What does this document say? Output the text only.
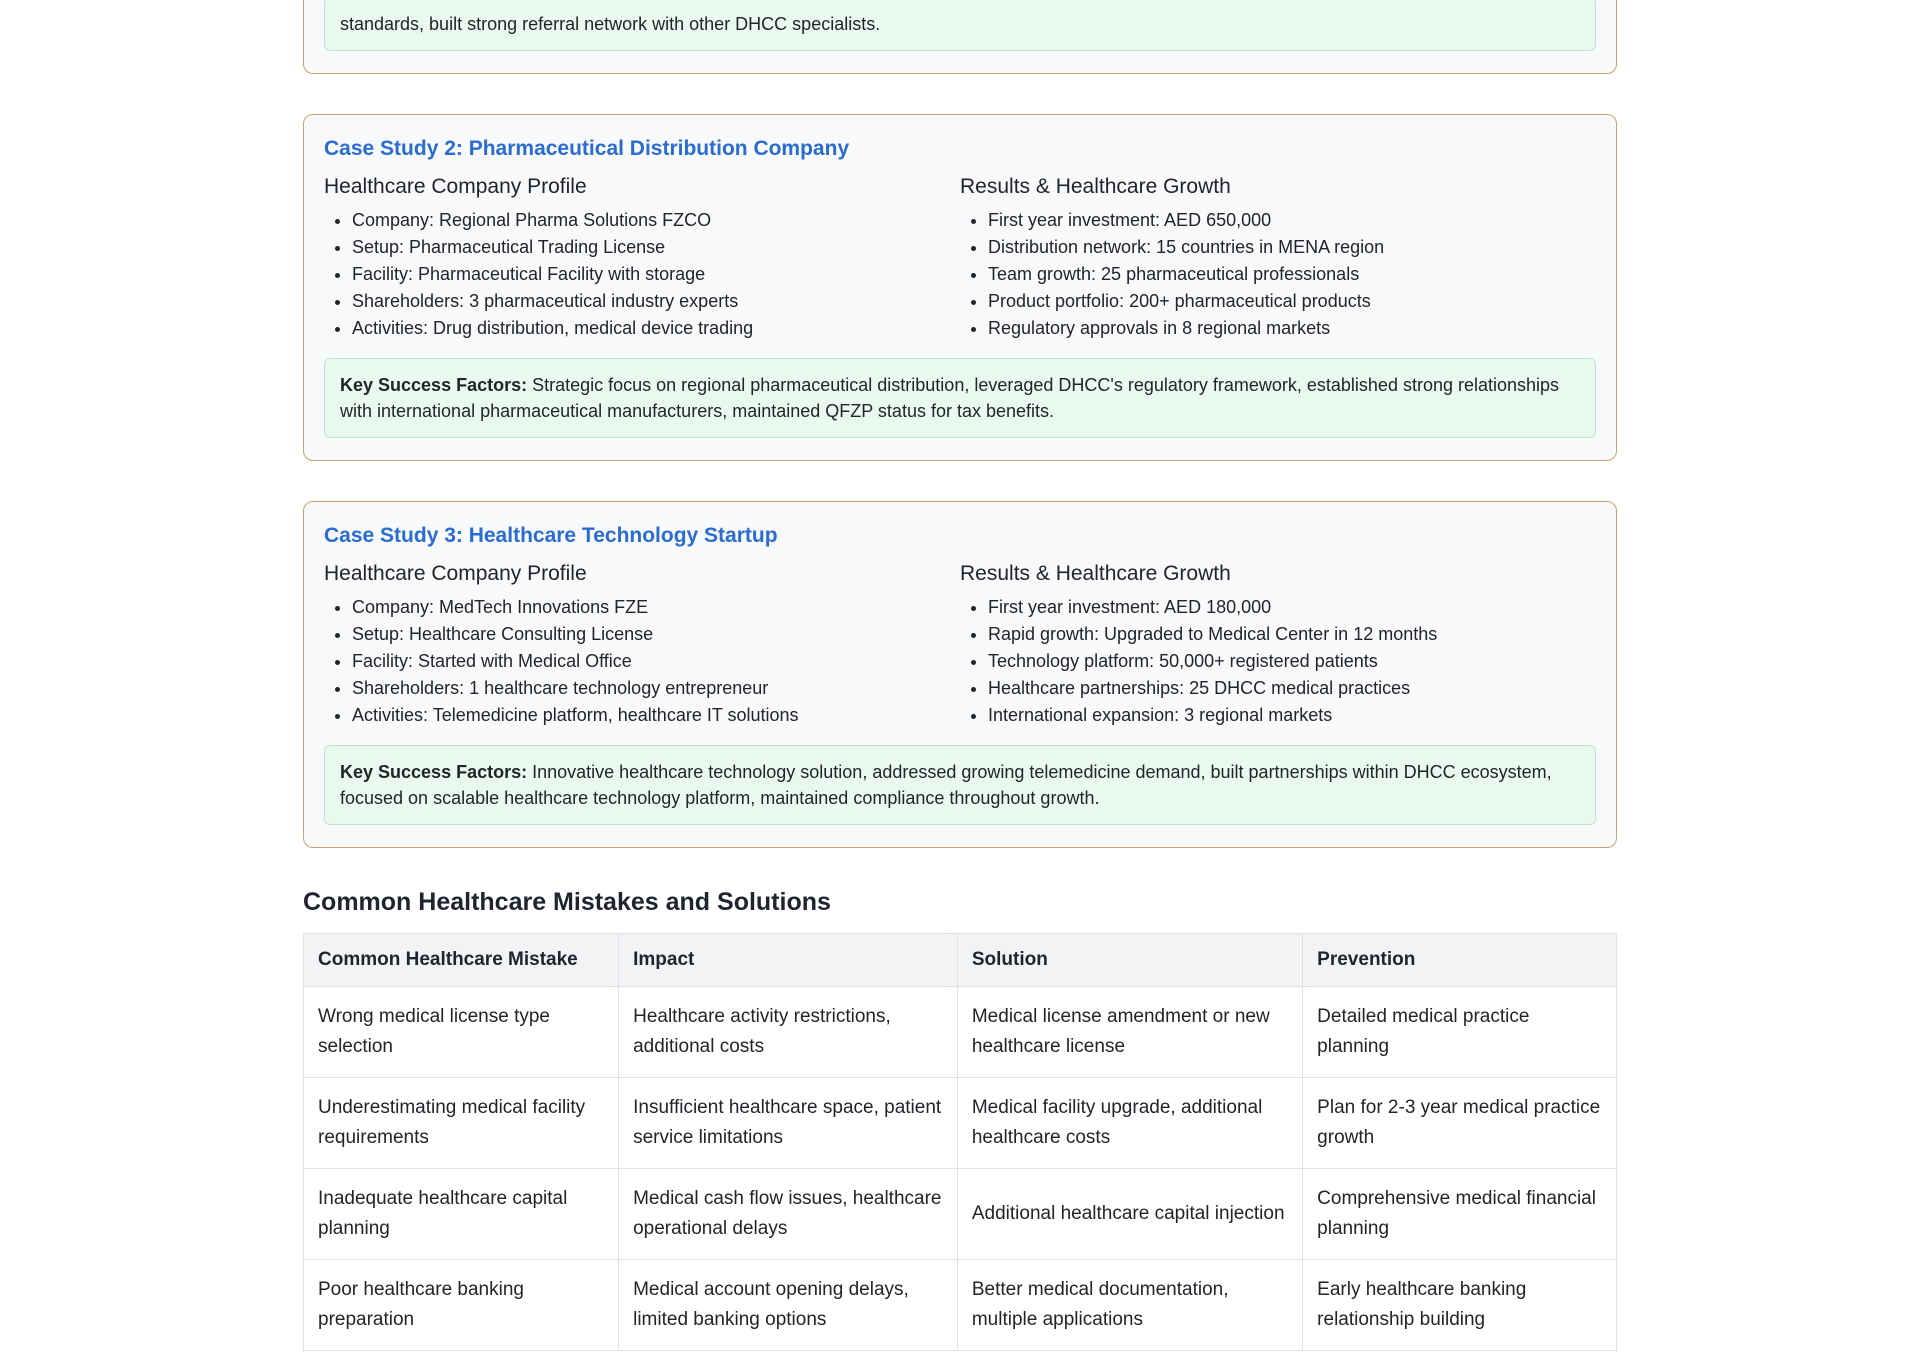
standards, built strong referral network with other DHCC specialists.
Case Study 2: Pharmaceutical Distribution Company
Healthcare Company Profile
• Company: Regional Pharma Solutions FZCO
• Setup: Pharmaceutical Trading License
• Facility: Pharmaceutical Facility with storage
• Shareholders: 3 pharmaceutical industry experts
• Activities: Drug distribution, medical device trading
Results & Healthcare Growth
• First year investment: AED 650,000
• Distribution network: 15 countries in MENA region
• Team growth: 25 pharmaceutical professionals
• Product portfolio: 200+ pharmaceutical products
• Regulatory approvals in 8 regional markets
Key Success Factors: Strategic focus on regional pharmaceutical distribution, leveraged DHCC's regulatory framework, established strong relationships with international pharmaceutical manufacturers, maintained QFZP status for tax benefits.
Case Study 3: Healthcare Technology Startup
Healthcare Company Profile
• Company: MedTech Innovations FZE
• Setup: Healthcare Consulting License
• Facility: Started with Medical Office
• Shareholders: 1 healthcare technology entrepreneur
• Activities: Telemedicine platform, healthcare IT solutions
Results & Healthcare Growth
• First year investment: AED 180,000
• Rapid growth: Upgraded to Medical Center in 12 months
• Technology platform: 50,000+ registered patients
• Healthcare partnerships: 25 DHCC medical practices
• International expansion: 3 regional markets
Key Success Factors: Innovative healthcare technology solution, addressed growing telemedicine demand, built partnerships within DHCC ecosystem, focused on scalable healthcare technology platform, maintained compliance throughout growth.
Common Healthcare Mistakes and Solutions
Common Healthcare Mistake	Impact	Solution	Prevention
Wrong medical license type selection	Healthcare activity restrictions, additional costs	Medical license amendment or new healthcare license	Detailed medical practice planning
Underestimating medical facility requirements	Insufficient healthcare space, patient service limitations	Medical facility upgrade, additional healthcare costs	Plan for 2-3 year medical practice growth
Inadequate healthcare capital planning	Medical cash flow issues, healthcare operational delays	Additional healthcare capital injection	Comprehensive medical financial planning
Poor healthcare banking preparation	Medical account opening delays, limited banking options	Better medical documentation, multiple applications	Early healthcare banking relationship building
